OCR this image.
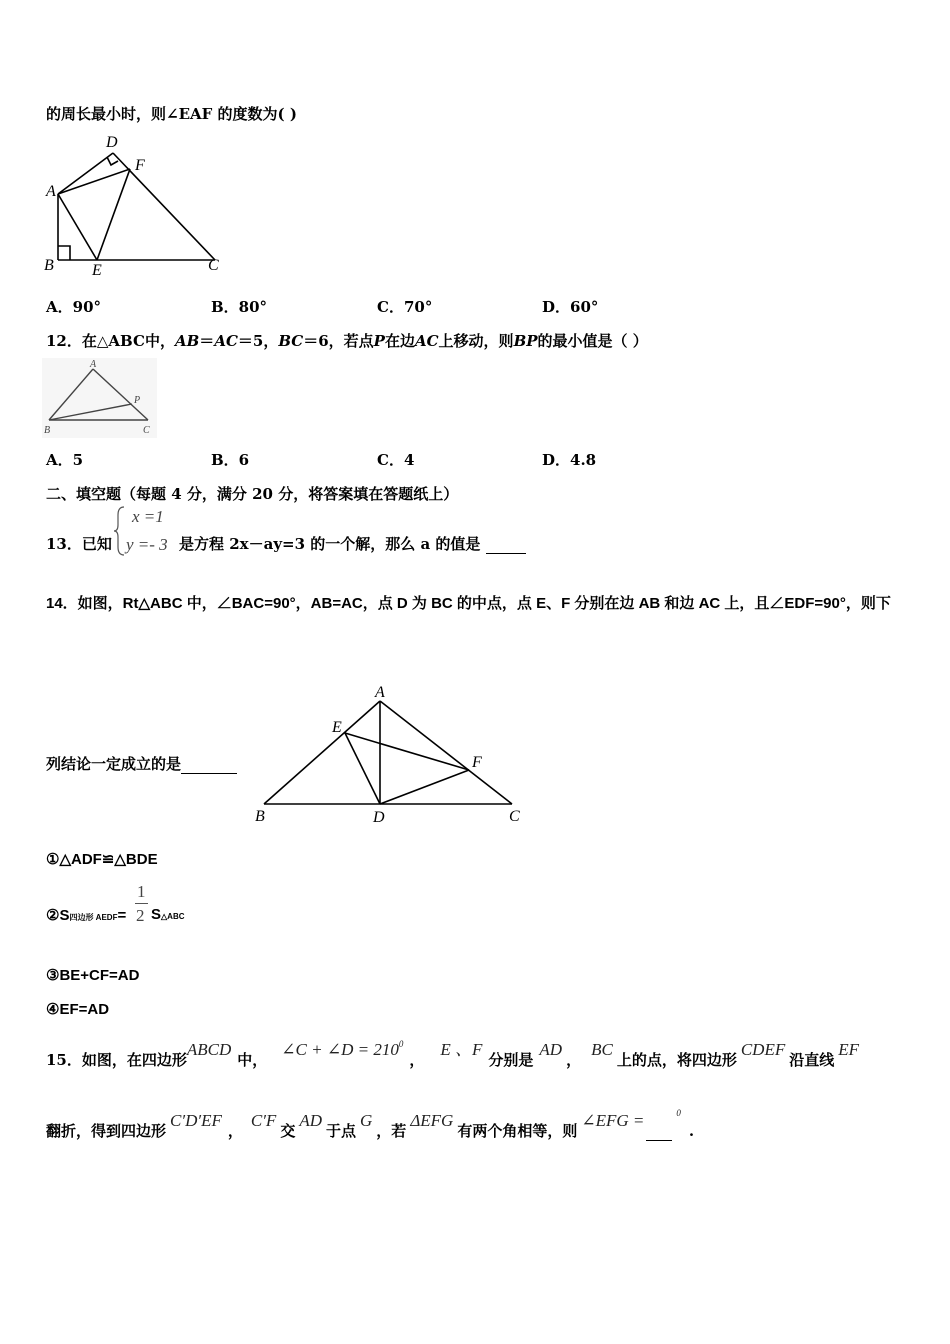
的周长最小时，则∠EAF 的度数为( )
D
F
A
B E	C
A．90°	B．80°	C．70°	D．60°
12．在△ABC中，AB＝AC＝5，BC＝6，若点P在边AC上移动，则BP的最小值是（ ）
A
B	C
P
A．5	B．6	C．4	D．4.8
二、填空题（每题 4 分，满分 20 分，将答案填在答题纸上）
13．已知
x =1
y =- 3 是方程 2x－ay=3 的一个解，那么 a 的值是
14．如图，Rt△ABC 中，∠BAC=90°，AB=AC，点 D 为 BC 的中点，点 E、F 分别在边 AB 和边 AC 上，且∠EDF=90°，则下
列结论一定成立的是
A
E
F
B	D	C
①△ADF≌△BDE
②S四边形 AEDF=
1
2 S△ABC
③BE+CF=AD
④EF=AD
15．如图，在四边形ABCD中，∠C + ∠D = $210^0$，E 、F分别是AD，BC上的点，将四边形CDEF沿直线EF
翻折，得到四边形C′D′EF，C′F交AD于点G，若ΔEFG有两个角相等，则∠EFG =	$^0$.
